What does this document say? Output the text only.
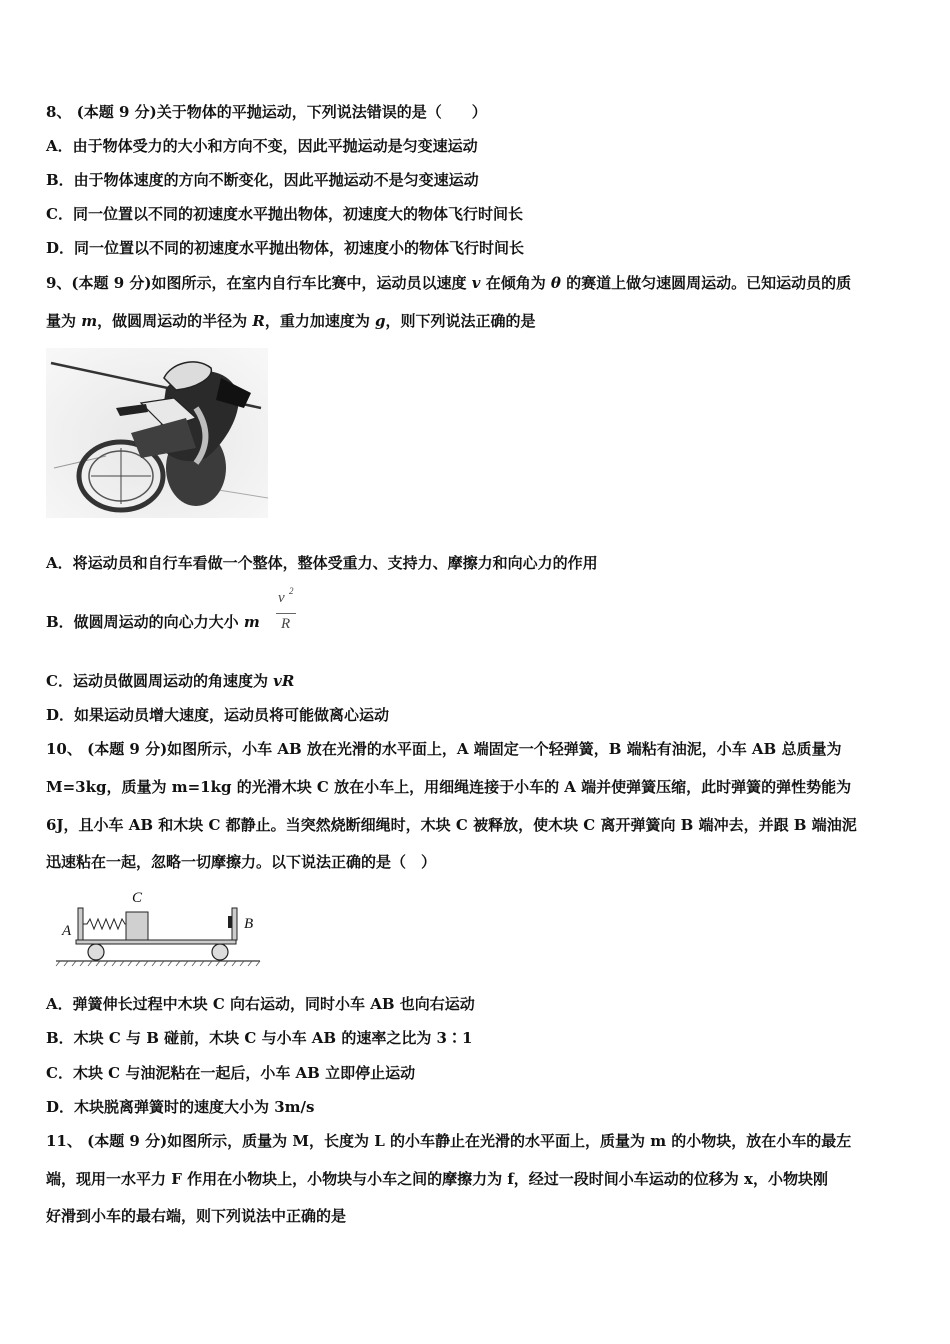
8、 (本题 9 分)关于物体的平抛运动，下列说法错误的是（　　）
A．由于物体受力的大小和方向不变，因此平抛运动是匀变速运动
B．由于物体速度的方向不断变化，因此平抛运动不是匀变速运动
C．同一位置以不同的初速度水平抛出物体，初速度大的物体飞行时间长
D．同一位置以不同的初速度水平抛出物体，初速度小的物体飞行时间长
9、(本题 9 分)如图所示，在室内自行车比赛中，运动员以速度 v 在倾角为 θ 的赛道上做匀速圆周运动。已知运动员的质
量为 m，做圆周运动的半径为 R，重力加速度为 g，则下列说法正确的是
A．将运动员和自行车看做一个整体，整体受重力、支持力、摩擦力和向心力的作用
B．做圆周运动的向心力大小 m
v 2
R
C．运动员做圆周运动的角速度为 vR
D．如果运动员增大速度，运动员将可能做离心运动
10、 (本题 9 分)如图所示，小车 AB 放在光滑的水平面上，A 端固定一个轻弹簧，B 端粘有油泥，小车 AB 总质量为
M=3kg，质量为 m=1kg 的光滑木块 C 放在小车上，用细绳连接于小车的 A 端并使弹簧压缩，此时弹簧的弹性势能为
6J，且小车 AB 和木块 C 都静止。当突然烧断细绳时，木块 C 被释放，使木块 C 离开弹簧向 B 端冲去，并跟 B 端油泥
迅速粘在一起，忽略一切摩擦力。以下说法正确的是（　）
A
C
B
A．弹簧伸长过程中木块 C 向右运动，同时小车 AB 也向右运动
B．木块 C 与 B 碰前，木块 C 与小车 AB 的速率之比为 3∶1
C．木块 C 与油泥粘在一起后，小车 AB 立即停止运动
D．木块脱离弹簧时的速度大小为 3m/s
11、 (本题 9 分)如图所示，质量为 M，长度为 L 的小车静止在光滑的水平面上，质量为 m 的小物块，放在小车的最左
端，现用一水平力 F 作用在小物块上，小物块与小车之间的摩擦力为 f，经过一段时间小车运动的位移为 x，小物块刚
好滑到小车的最右端，则下列说法中正确的是
